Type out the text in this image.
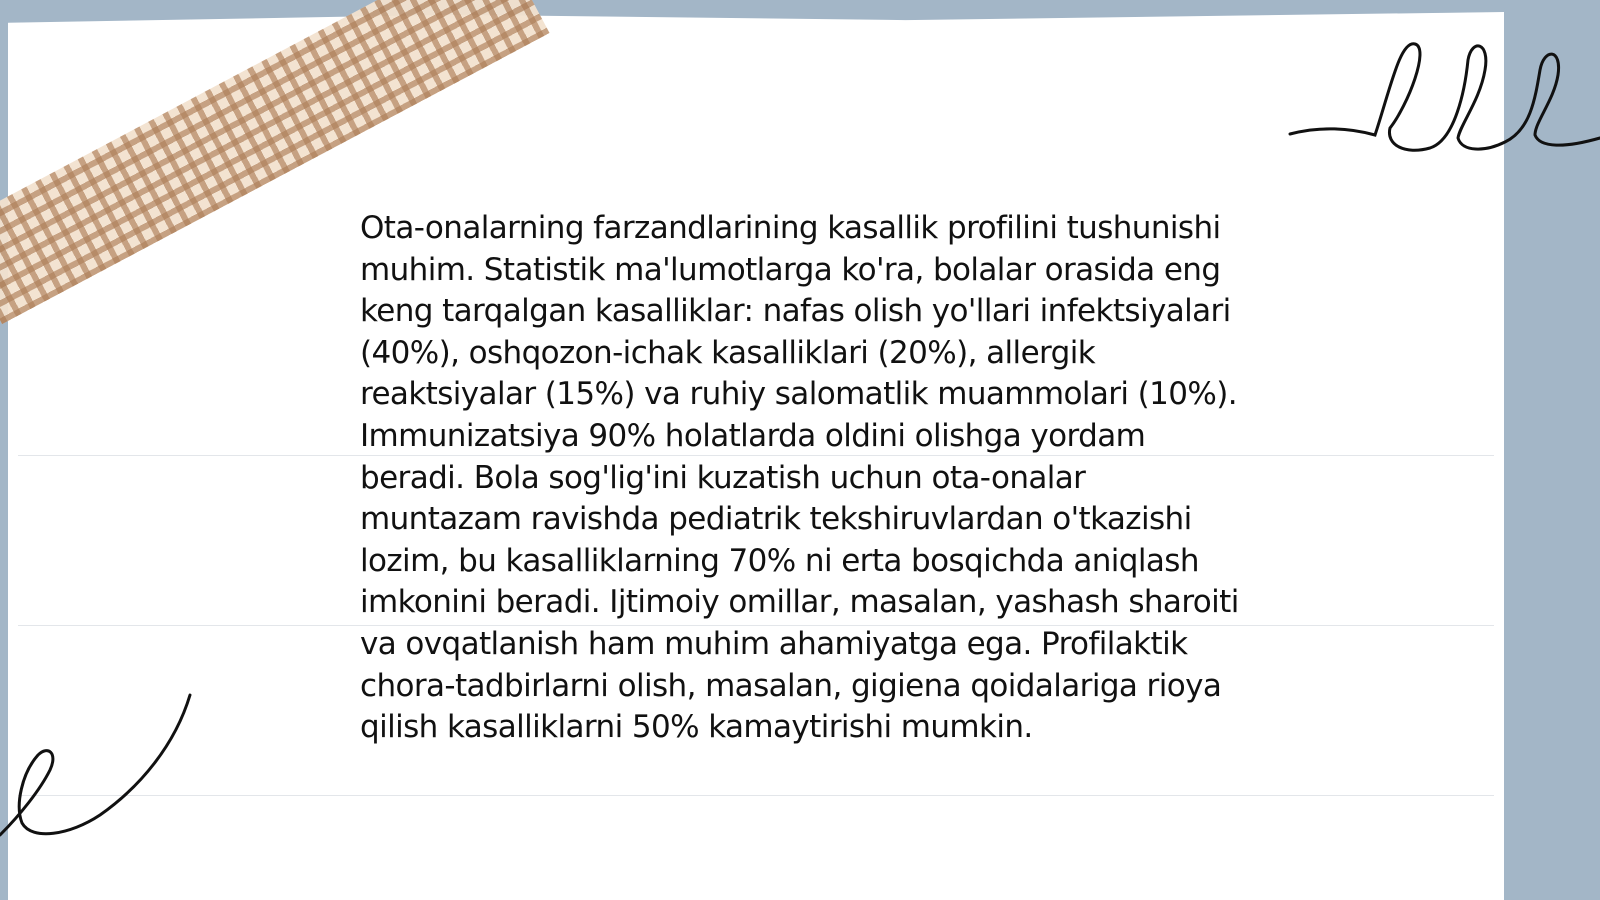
Ota-onalarning farzandlarining kasallik profilini tushunishi muhim. Statistik ma'lumotlarga ko'ra, bolalar orasida eng keng tarqalgan kasalliklar: nafas olish yo'llari infektsiyalari (40%), oshqozon-ichak kasalliklari (20%), allergik reaktsiyalar (15%) va ruhiy salomatlik muammolari (10%). Immunizatsiya 90% holatlarda oldini olishga yordam beradi. Bola sog'lig'ini kuzatish uchun ota-onalar muntazam ravishda pediatrik tekshiruvlardan o'tkazishi lozim, bu kasalliklarning 70% ni erta bosqichda aniqlash imkonini beradi. Ijtimoiy omillar, masalan, yashash sharoiti va ovqatlanish ham muhim ahamiyatga ega. Profilaktik chora-tadbirlarni olish, masalan, gigiena qoidalariga rioya qilish kasalliklarni 50% kamaytirishi mumkin.
